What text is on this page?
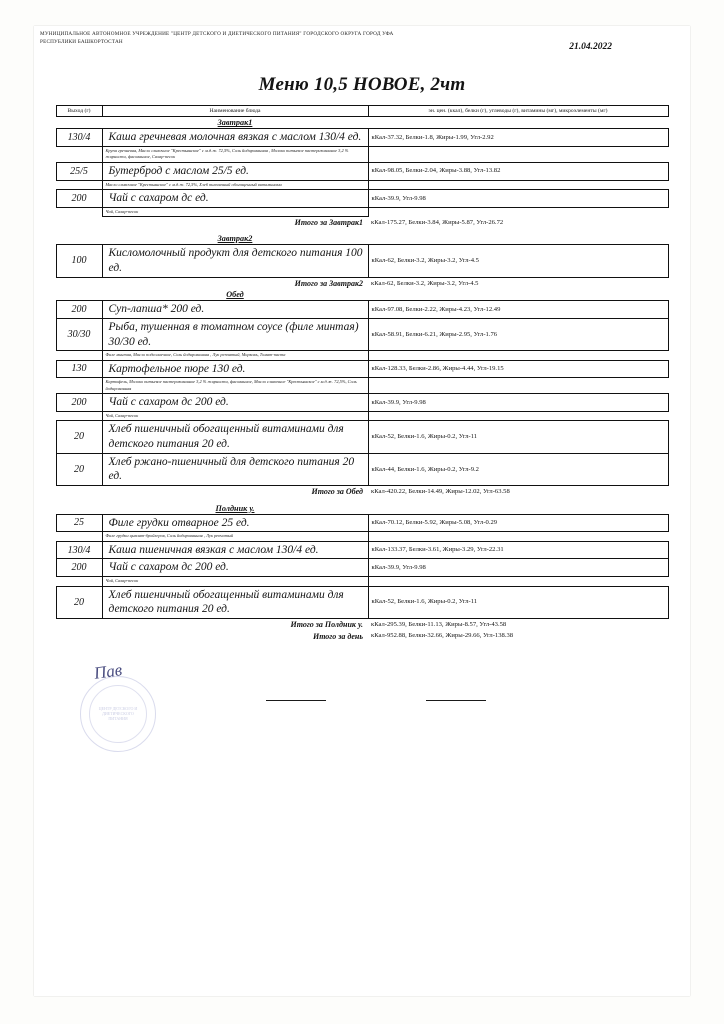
МУНИЦИПАЛЬНОЕ АВТОНОМНОЕ УЧРЕЖДЕНИЕ "ЦЕНТР ДЕТСКОГО И ДИЕТИЧЕСКОГО ПИТАНИЯ" ГОРОДСКОГО ОКРУГА ГОРОД УФА РЕСПУБЛИКИ БАШКОРТОСТАН	21.04.2022
Меню 10,5 НОВОЕ, 2чт
Выход (г)	Наименование блюда	эн. цен. (ккал), белки (г), углеводы (г), витамины (мг), микроэлементы (мг)
	Завтрак1	
130/4	Каша гречневая молочная вязкая с маслом 130/4 ед.	кКал-37.32, Белки-1.8, Жиры-1.99, Угл-2.92
	Крупа гречневая, Масло сливочное "Крестьянское" с м.д.ж. 72,5%, Соль йодированная , Молоко питьевое пастеризованное 3,2 % жирности, фасованное, Сахар-песок	
25/5	Бутерброд с маслом 25/5 ед.	кКал-98.05, Белки-2.04, Жиры-3.88, Угл-13.82
	Масло сливочное "Крестьянское" с м.д.ж. 72,5%, Хлеб пшеничный обогащенный витаминами	
200	Чай с сахаром дс ед.	кКал-39.9, Угл-9.98
	Чай, Сахар-песок	
	Итого за Завтрак1	кКал-175.27, Белки-3.84, Жиры-5.87, Угл-26.72

	Завтрак2	
100	Кисломолочный продукт для детского питания 100 ед.	кКал-62, Белки-3.2, Жиры-3.2, Угл-4.5
	Итого за Завтрак2	кКал-62, Белки-3.2, Жиры-3.2, Угл-4.5
	Обед	
200	Суп-лапша* 200 ед.	кКал-97.08, Белки-2.22, Жиры-4.23, Угл-12.49
30/30	Рыба, тушенная в томатном соусе (филе минтая) 30/30 ед.	кКал-58.91, Белки-6.21, Жиры-2.95, Угл-1.76
	Филе минтая, Масло подсолнечное, Соль йодированная , Лук репчатый, Морковь, Томат-паста	
130	Картофельное пюре 130 ед.	кКал-128.33, Белки-2.86, Жиры-4.44, Угл-19.15
	Картофель, Молоко питьевое пастеризованное 3,2 % жирности, фасованное, Масло сливочное "Крестьянское" с м.д.ж. 72,5%, Соль йодированная	
200	Чай с сахаром дс 200 ед.	кКал-39.9, Угл-9.98
	Чай, Сахар-песок	
20	Хлеб пшеничный обогащенный витаминами для детского питания 20 ед.	кКал-52, Белки-1.6, Жиры-0.2, Угл-11
20	Хлеб ржано-пшеничный для детского питания 20 ед.	кКал-44, Белки-1.6, Жиры-0.2, Угл-9.2
	Итого за Обед	кКал-420.22, Белки-14.49, Жиры-12.02, Угл-63.58

	Полдник у.	
25	Филе грудки отварное 25 ед.	кКал-70.12, Белки-5.92, Жиры-5.08, Угл-0.29
	Филе грудки цыплят-бройлеров, Соль йодированная , Лук репчатый	
130/4	Каша пшеничная вязкая с маслом 130/4 ед.	кКал-133.37, Белки-3.61, Жиры-3.29, Угл-22.31
200	Чай с сахаром дс 200 ед.	кКал-39.9, Угл-9.98
	Чай, Сахар-песок	
20	Хлеб пшеничный обогащенный витаминами для детского питания 20 ед.	кКал-52, Белки-1.6, Жиры-0.2, Угл-11
	Итого за Полдник у.	кКал-295.39, Белки-11.13, Жиры-8.57, Угл-43.58
	Итого за день	кКал-952.88, Белки-32.66, Жиры-29.66, Угл-138.38
Пав
ЦЕНТР ДЕТСКОГО И ДИЕТИЧЕСКОГО ПИТАНИЯ
